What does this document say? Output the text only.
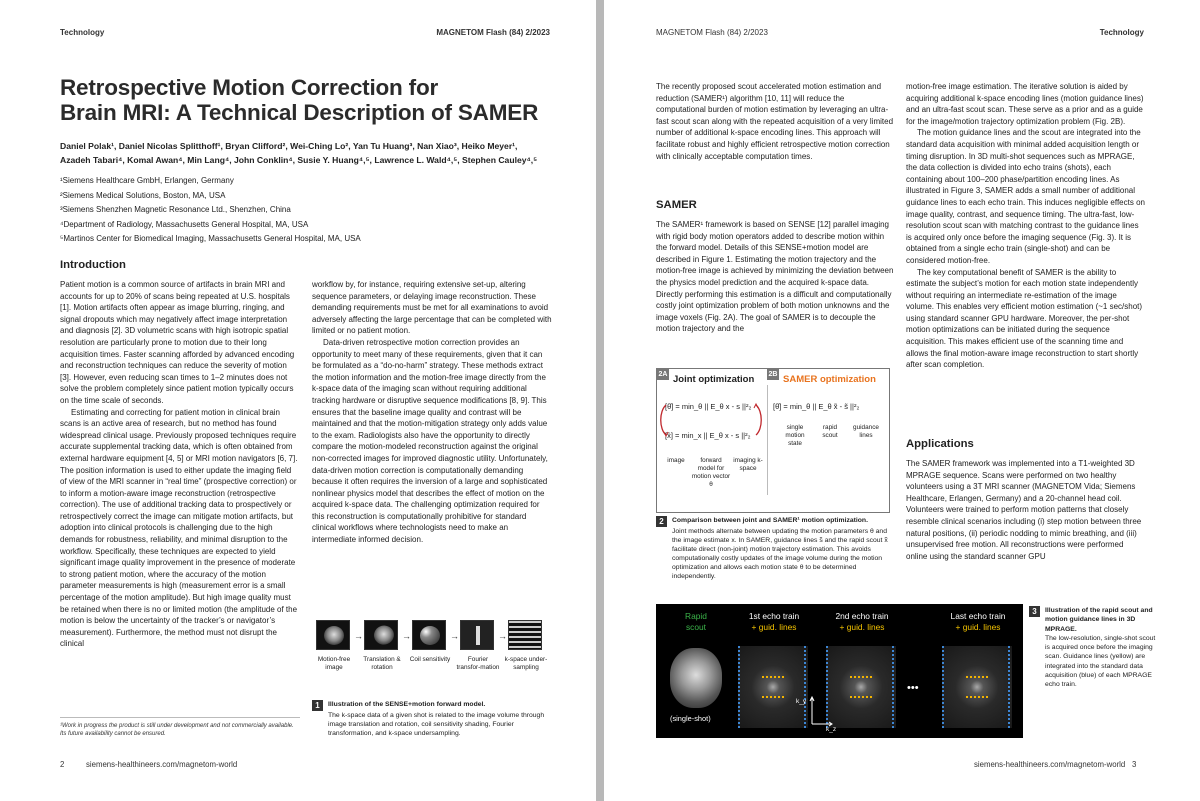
Technology	MAGNETOM Flash (84) 2/2023
Retrospective Motion Correction for
Brain MRI: A Technical Description of SAMER
Daniel Polak¹, Daniel Nicolas Splitthoff¹, Bryan Clifford², Wei-Ching Lo², Yan Tu Huang³, Nan Xiao³, Heiko Meyer¹,
Azadeh Tabari⁴, Komal Awan⁴, Min Lang⁴, John Conklin⁴, Susie Y. Huang⁴,⁵, Lawrence L. Wald⁴,⁵, Stephen Cauley⁴,⁵
¹Siemens Healthcare GmbH, Erlangen, Germany
²Siemens Medical Solutions, Boston, MA, USA
³Siemens Shenzhen Magnetic Resonance Ltd., Shenzhen, China
⁴Department of Radiology, Massachusetts General Hospital, MA, USA
⁵Martinos Center for Biomedical Imaging, Massachusetts General Hospital, MA, USA
Introduction

Patient motion is a common source of artifacts in brain MRI and accounts for up to 20% of scans being repeated at U.S. hospitals [1]. Motion artifacts often appear as image blurring, ringing, and signal dropouts which may negatively affect image interpretation and diagnosis [2]. 3D volumetric scans with high isotropic spatial resolution are particularly prone to motion due to their long acquisition times. Faster scanning afforded by advanced encoding and reconstruction techniques can reduce the severity of motion [3]. However, even reducing scan times to 1–2 minutes does not solve the problem completely since patient motion typically occurs on the time scale of seconds.

Estimating and correcting for patient motion in clinical brain scans is an active area of research, but no method has found widespread clinical usage. Previously proposed techniques require accurate supplemental tracking data, which is often obtained from external hardware equipment [4, 5] or MRI motion navigators [6, 7]. The position information is used to either update the imaging field of view of the MRI scanner in “real time” (prospective correction) or to inform a motion-aware image reconstruction (retrospective correction). The use of additional tracking data to prospectively or retrospectively correct the image can mitigate motion artifacts, but adoption into clinical protocols is challenging due to the high demands for robustness, reliability, and minimal disruption to the workflow. Specifically, these techniques are expected to yield significant image quality improvement in the presence of moderate to strong patient motion, where the accuracy of the motion parameter measurements is high (measurement error is a small percentage of the motion amplitude). But high image quality must be retained when there is no or limited motion (the amplitude of the motion is below the uncertainty of the tracker’s or navigator’s measurement). Furthermore, the method must not disrupt the clinical

workflow by, for instance, requiring extensive set-up, altering sequence parameters, or delaying image reconstruction. These demanding requirements must be met for all examinations to avoid adversely affecting the large percentage that can be completed with limited or no patient motion.

Data-driven retrospective motion correction provides an opportunity to meet many of these requirements, given that it can be formulated as a “do-no-harm” strategy. These methods extract the motion information and the motion-free image directly from the k-space data of the imaging scan without requiring additional tracking hardware or disruptive sequence modifications [8, 9]. This ensures that the baseline image quality and contrast will be maintained and that the motion-mitigation strategy only adds value to the exam. Radiologists also have the opportunity to directly compare the motion-modeled reconstruction against the original non-corrected images for improved diagnostic utility. Unfortunately, data-driven motion correction is computationally demanding because it often requires the inversion of a large and sophisticated nonlinear physics model that describes the effect of motion on the acquired k-space data. The challenging optimization required for this reconstruction is computationally prohibitive for standard clinical workflows where technologists need to make an intermediate informed decision.

→	→	→	→
Motion-free image
Translation & rotation
Coil sensitivity	Fourier transfor-mation
k-space under-sampling
1 Illustration of the SENSE+motion forward model.
The k-space data of a given shot is related to the image volume through image translation and rotation, coil sensitivity shading, Fourier transformation, and k-space undersampling.
¹Work in progress the product is still under development and not commercially available. Its future availability cannot be ensured.
2	siemens-healthineers.com/magnetom-world
MAGNETOM Flash (84) 2/2023	Technology

The recently proposed scout accelerated motion estimation and reduction (SAMER¹) algorithm [10, 11] will reduce the computational burden of motion estimation by leveraging an ultra-fast scout scan along with the repeated acquisition of a very limited number of additional k-space encoding lines. This approach will facilitate robust and highly efficient retrospective motion correction with clinically acceptable computation times.

SAMER

The SAMER¹ framework is based on SENSE [12] parallel imaging with rigid body motion operators added to describe motion within the forward model. Details of this SENSE+motion model are described in Figure 1. Estimating the motion trajectory and the motion-free image is achieved by minimizing the deviation between the physics model prediction and the acquired k-space data. Directly performing this estimation is a difficult and computationally costly joint optimization problem of both motion unknowns and the image voxels (Fig. 2A). The goal of SAMER is to decouple the motion trajectory and the

motion-free image estimation. The iterative solution is aided by acquiring additional k-space encoding lines (motion guidance lines) and an ultra-fast scout scan. These serve as a prior and as a guide for the image/motion trajectory optimization problem (Fig. 2B).

The motion guidance lines and the scout are integrated into the standard data acquisition with minimal added acquisition length or timing disruption. In 3D multi-shot sequences such as MPRAGE, the data collection is divided into echo trains (shots), each containing about 100–200 phase/partition encoding lines. As illustrated in Figure 3, SAMER adds a small number of additional guidance lines to each echo train. This induces negligible effects on image quality, contrast, and sequence timing. The ultra-fast, low-resolution scout scan with matching contrast to the guidance lines is acquired only once before the imaging sequence (Fig. 3). It is obtained from a single echo train (single-shot) and can be considered motion-free.

The key computational benefit of SAMER is the ability to estimate the subject’s motion for each motion state independently without requiring an intermediate re-estimation of the image volume. This enables very efficient motion estimation (~1 sec/shot) using standard scanner GPU hardware. Moreover, the per-shot motion optimizations can be initiated during the sequence acquisition. This makes efficient use of the scanning time and allows the final motion-aware image reconstruction to start shortly after scan completion.

Applications

The SAMER framework was implemented into a T1-weighted 3D MPRAGE sequence. Scans were performed on two healthy volunteers using a 3T MRI scanner (MAGNETOM Vida; Siemens Healthcare, Erlangen, Germany) and a 20-channel head coil. Volunteers were trained to perform motion patterns that closely resemble clinical scenarios including (i) step motion between three natural positions, (ii) periodic nodding to mimic breathing, and (iii) unsupervised free motion. All reconstructions were performed online using the standard scanner GPU

siemens-healthineers.com/magnetom-world 3
2A Joint optimization 2B SAMER optimization
[θ̂] = min_θ || E_θ x - s ||²₂
[x̂] = min_x || E_θ x - s ||²₂
image	forward model for motion vector θ
imaging k-space
[θ̂] = min_θ || E_θ x̃ - s̃ ||²₂
single motion state
rapid scout
guidance lines
2 Comparison between joint and SAMER¹ motion optimization.
Joint methods alternate between updating the motion parameters θ and the image estimate x. In SAMER, guidance lines s̃ and the rapid scout x̃ facilitate direct (non-joint) motion trajectory estimation. This avoids computationally costly updates of the image volume during the motion optimization and allows each motion state θ to be determined independently.
Rapid
scout
(single-shot)
1st echo train
+ guid. lines
2nd echo train
+ guid. lines
•••
Last echo train
+ guid. lines
k_y
k_z
3	Illustration of the rapid scout and motion guidance lines in 3D MPRAGE.
The low-resolution, single-shot scout is acquired once before the imaging scan. Guidance lines (yellow) are integrated into the standard data acquisition (blue) of each MPRAGE echo train.
